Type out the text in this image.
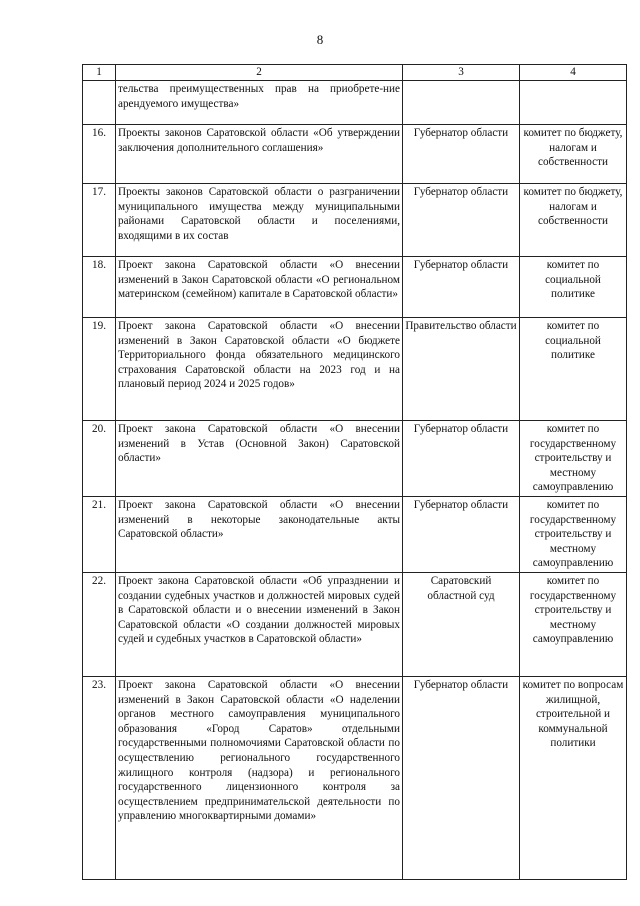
8
1	2	3	4
	тельства преимущественных прав на приобрете-ние арендуемого имущества»		
16.	Проекты законов Саратовской области «Об утверждении заключения дополнительного соглашения»	Губернатор области	комитет по бюджету, налогам и собственности
17.	Проекты законов Саратовской области о разграничении муниципального имущества между муниципальными районами Саратовской области и поселениями, входящими в их состав	Губернатор области	комитет по бюджету, налогам и собственности
18.	Проект закона Саратовской области «О внесении изменений в Закон Саратовской области «О региональном материнском (семейном) капитале в Саратовской области»	Губернатор области	комитет по социальной политике
19.	Проект закона Саратовской области «О внесении изменений в Закон Саратовской области «О бюджете Территориального фонда обязательного медицинского страхования Саратовской области на 2023 год и на плановый период 2024 и 2025 годов»	Правительство области	комитет по социальной политике
20.	Проект закона Саратовской области «О внесении изменений в Устав (Основной Закон) Саратовской области»	Губернатор области	комитет по государственному строительству и местному самоуправлению
21.	Проект закона Саратовской области «О внесении изменений в некоторые законодательные акты Саратовской области»	Губернатор области	комитет по государственному строительству и местному самоуправлению
22.	Проект закона Саратовской области «Об упразднении и создании судебных участков и должностей мировых судей в Саратовской области и о внесении изменений в Закон Саратовской области «О создании должностей мировых судей и судебных участков в Саратовской области»	Саратовский областной суд	комитет по государственному строительству и местному самоуправлению
23.	Проект закона Саратовской области «О внесении изменений в Закон Саратовской области «О наделении органов местного самоуправления муниципального образования «Город Саратов» отдельными государственными полномочиями Саратовской области по осуществлению регионального государственного жилищного контроля (надзора) и регионального государственного лицензионного контроля за осуществлением предпринимательской деятельности по управлению многоквартирными домами»	Губернатор области	комитет по вопросам жилищной, строительной и коммунальной политики
